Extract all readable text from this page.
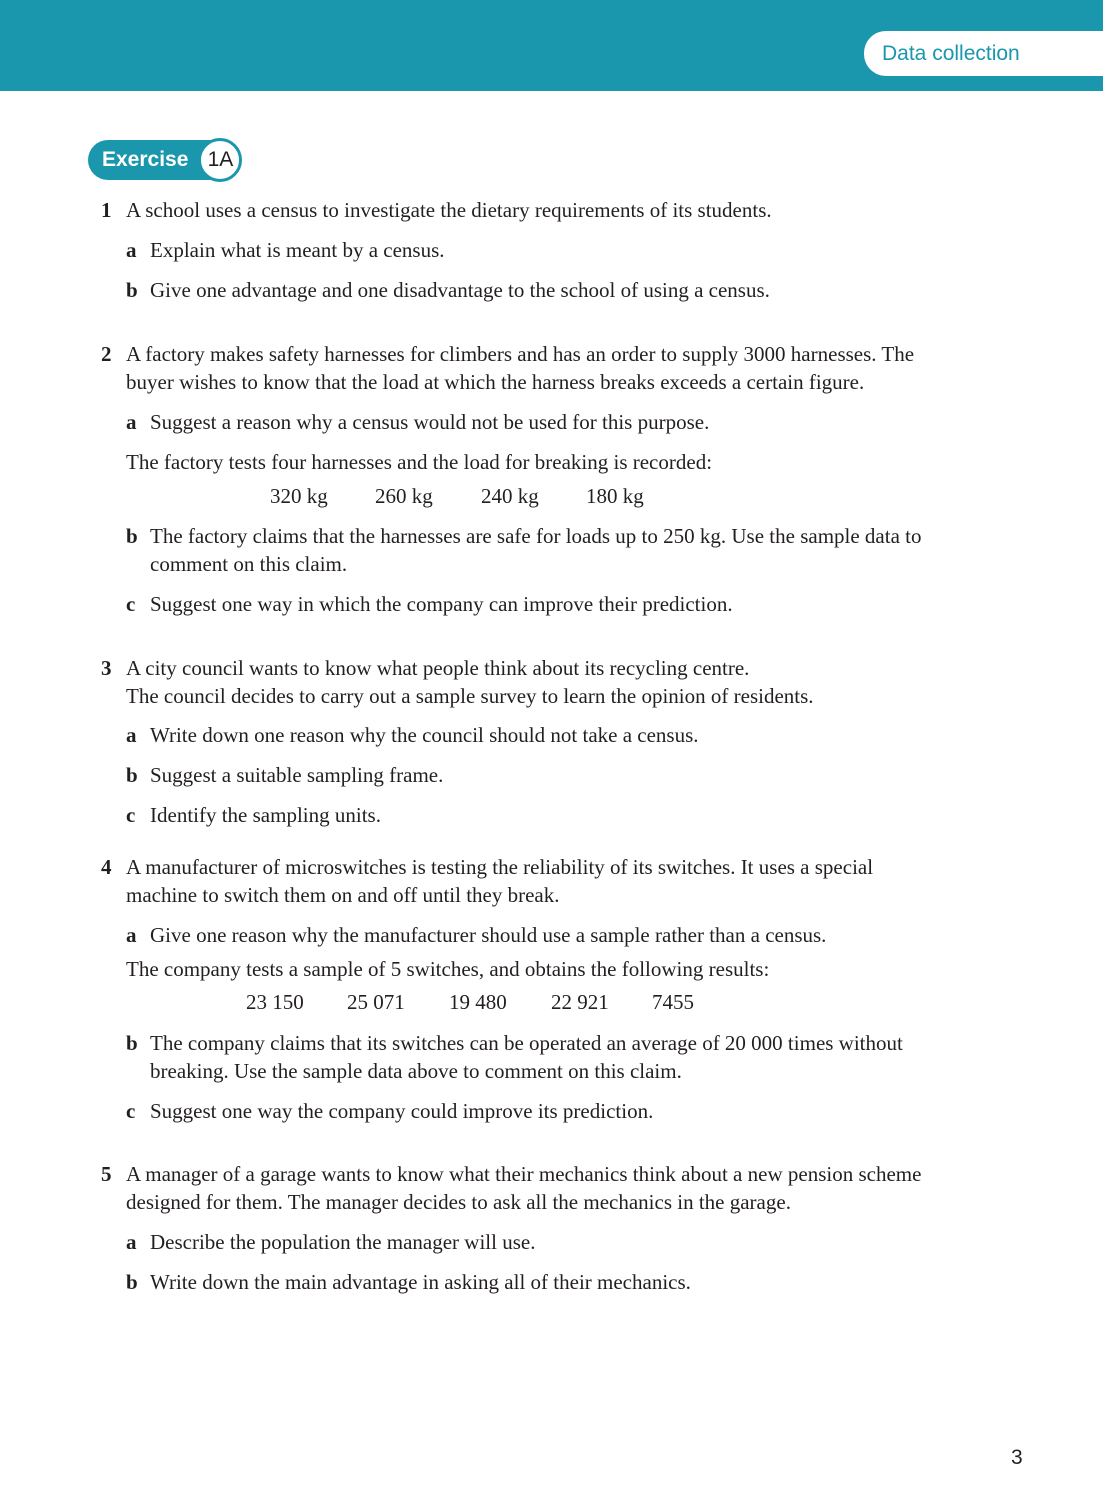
Data collection
Exercise 1A
1 A school uses a census to investigate the dietary requirements of its students.
a Explain what is meant by a census.
b Give one advantage and one disadvantage to the school of using a census.
2 A factory makes safety harnesses for climbers and has an order to supply 3000 harnesses. The
buyer wishes to know that the load at which the harness breaks exceeds a certain figure.
a Suggest a reason why a census would not be used for this purpose.
The factory tests four harnesses and the load for breaking is recorded:
320 kg 260 kg 240 kg 180 kg
b The factory claims that the harnesses are safe for loads up to 250 kg. Use the sample data to
comment on this claim.
c Suggest one way in which the company can improve their prediction.
3 A city council wants to know what people think about its recycling centre.
The council decides to carry out a sample survey to learn the opinion of residents.
a Write down one reason why the council should not take a census.
b Suggest a suitable sampling frame.
c Identify the sampling units.
4 A manufacturer of microswitches is testing the reliability of its switches. It uses a special
machine to switch them on and off until they break.
a Give one reason why the manufacturer should use a sample rather than a census.
The company tests a sample of 5 switches, and obtains the following results:
23 150 25 071 19 480 22 921 7455
b The company claims that its switches can be operated an average of 20 000 times without
breaking. Use the sample data above to comment on this claim.
c Suggest one way the company could improve its prediction.
5 A manager of a garage wants to know what their mechanics think about a new pension scheme
designed for them. The manager decides to ask all the mechanics in the garage.
a Describe the population the manager will use.
b Write down the main advantage in asking all of their mechanics.
3
